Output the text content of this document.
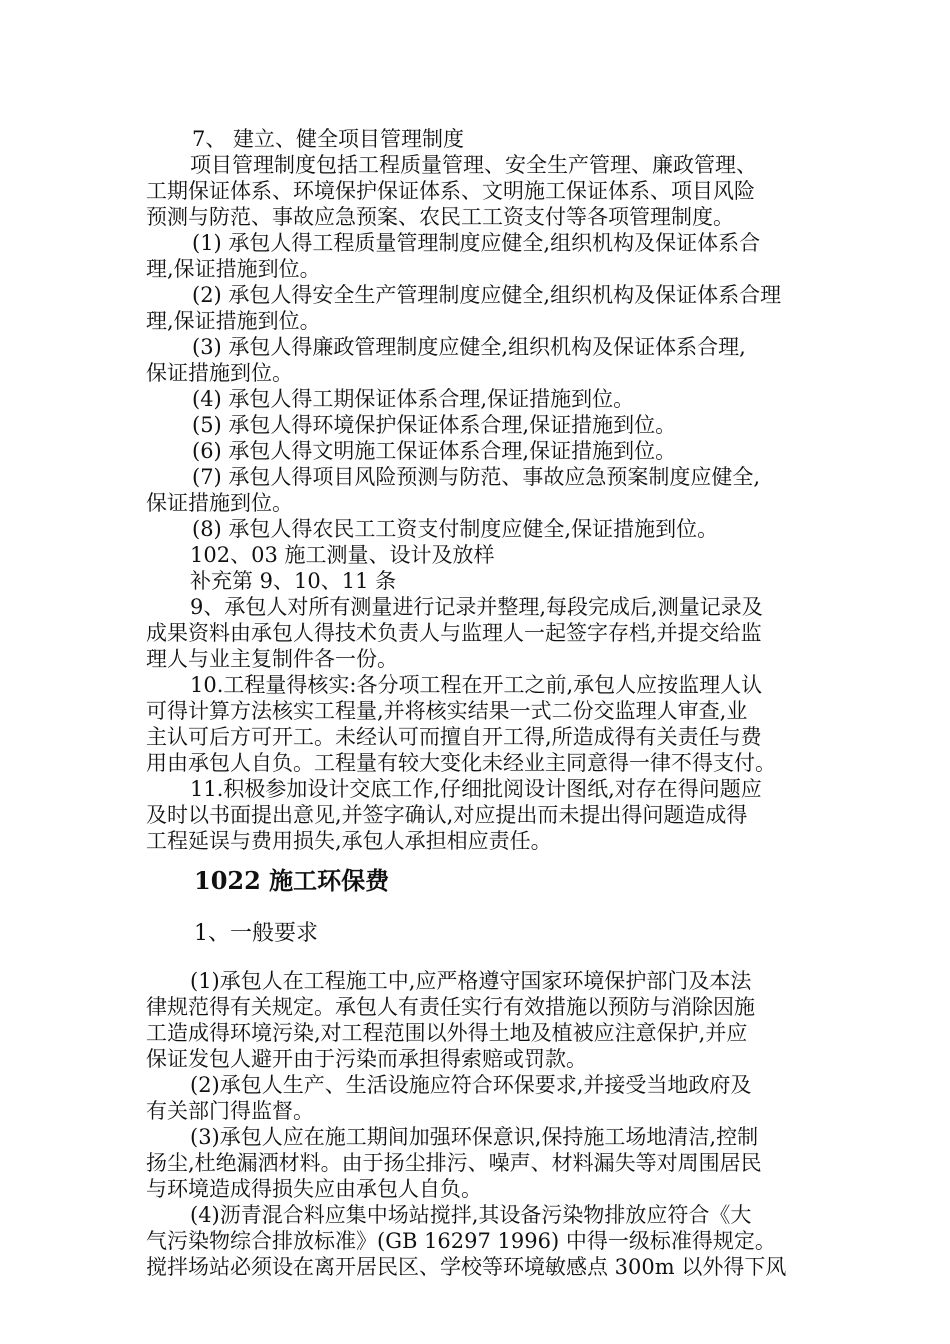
7、 建立、健全项目管理制度
项目管理制度包括工程质量管理、安全生产管理、廉政管理、
工期保证体系、环境保护保证体系、文明施工保证体系、项目风险
预测与防范、事故应急预案、农民工工资支付等各项管理制度。
(1) 承包人得工程质量管理制度应健全,组织机构及保证体系合
理,保证措施到位。
(2) 承包人得安全生产管理制度应健全,组织机构及保证体系合理
理,保证措施到位。
(3) 承包人得廉政管理制度应健全,组织机构及保证体系合理,
保证措施到位。
(4) 承包人得工期保证体系合理,保证措施到位。
(5) 承包人得环境保护保证体系合理,保证措施到位。
(6) 承包人得文明施工保证体系合理,保证措施到位。
(7) 承包人得项目风险预测与防范、事故应急预案制度应健全,
保证措施到位。
(8) 承包人得农民工工资支付制度应健全,保证措施到位。
102、03 施工测量、设计及放样
补充第 9、10、11 条
9、承包人对所有测量进行记录并整理,每段完成后,测量记录及
成果资料由承包人得技术负责人与监理人一起签字存档,并提交给监
理人与业主复制件各一份。
10.工程量得核实:各分项工程在开工之前,承包人应按监理人认
可得计算方法核实工程量,并将核实结果一式二份交监理人审查,业
主认可后方可开工。未经认可而擅自开工得,所造成得有关责任与费
用由承包人自负。工程量有较大变化未经业主同意得一律不得支付。
11.积极参加设计交底工作,仔细批阅设计图纸,对存在得问题应
及时以书面提出意见,并签字确认,对应提出而未提出得问题造成得
工程延误与费用损失,承包人承担相应责任。
1022 施工环保费
1、一般要求
(1)承包人在工程施工中,应严格遵守国家环境保护部门及本法
律规范得有关规定。承包人有责任实行有效措施以预防与消除因施
工造成得环境污染,对工程范围以外得土地及植被应注意保护,并应
保证发包人避开由于污染而承担得索赔或罚款。
(2)承包人生产、生活设施应符合环保要求,并接受当地政府及
有关部门得监督。
(3)承包人应在施工期间加强环保意识,保持施工场地清洁,控制
扬尘,杜绝漏洒材料。由于扬尘排污、噪声、材料漏失等对周围居民
与环境造成得损失应由承包人自负。
(4)沥青混合料应集中场站搅拌,其设备污染物排放应符合《大
气污染物综合排放标准》(GB 16297 1996) 中得一级标准得规定。
搅拌场站必须设在离开居民区、学校等环境敏感点 300m 以外得下风
